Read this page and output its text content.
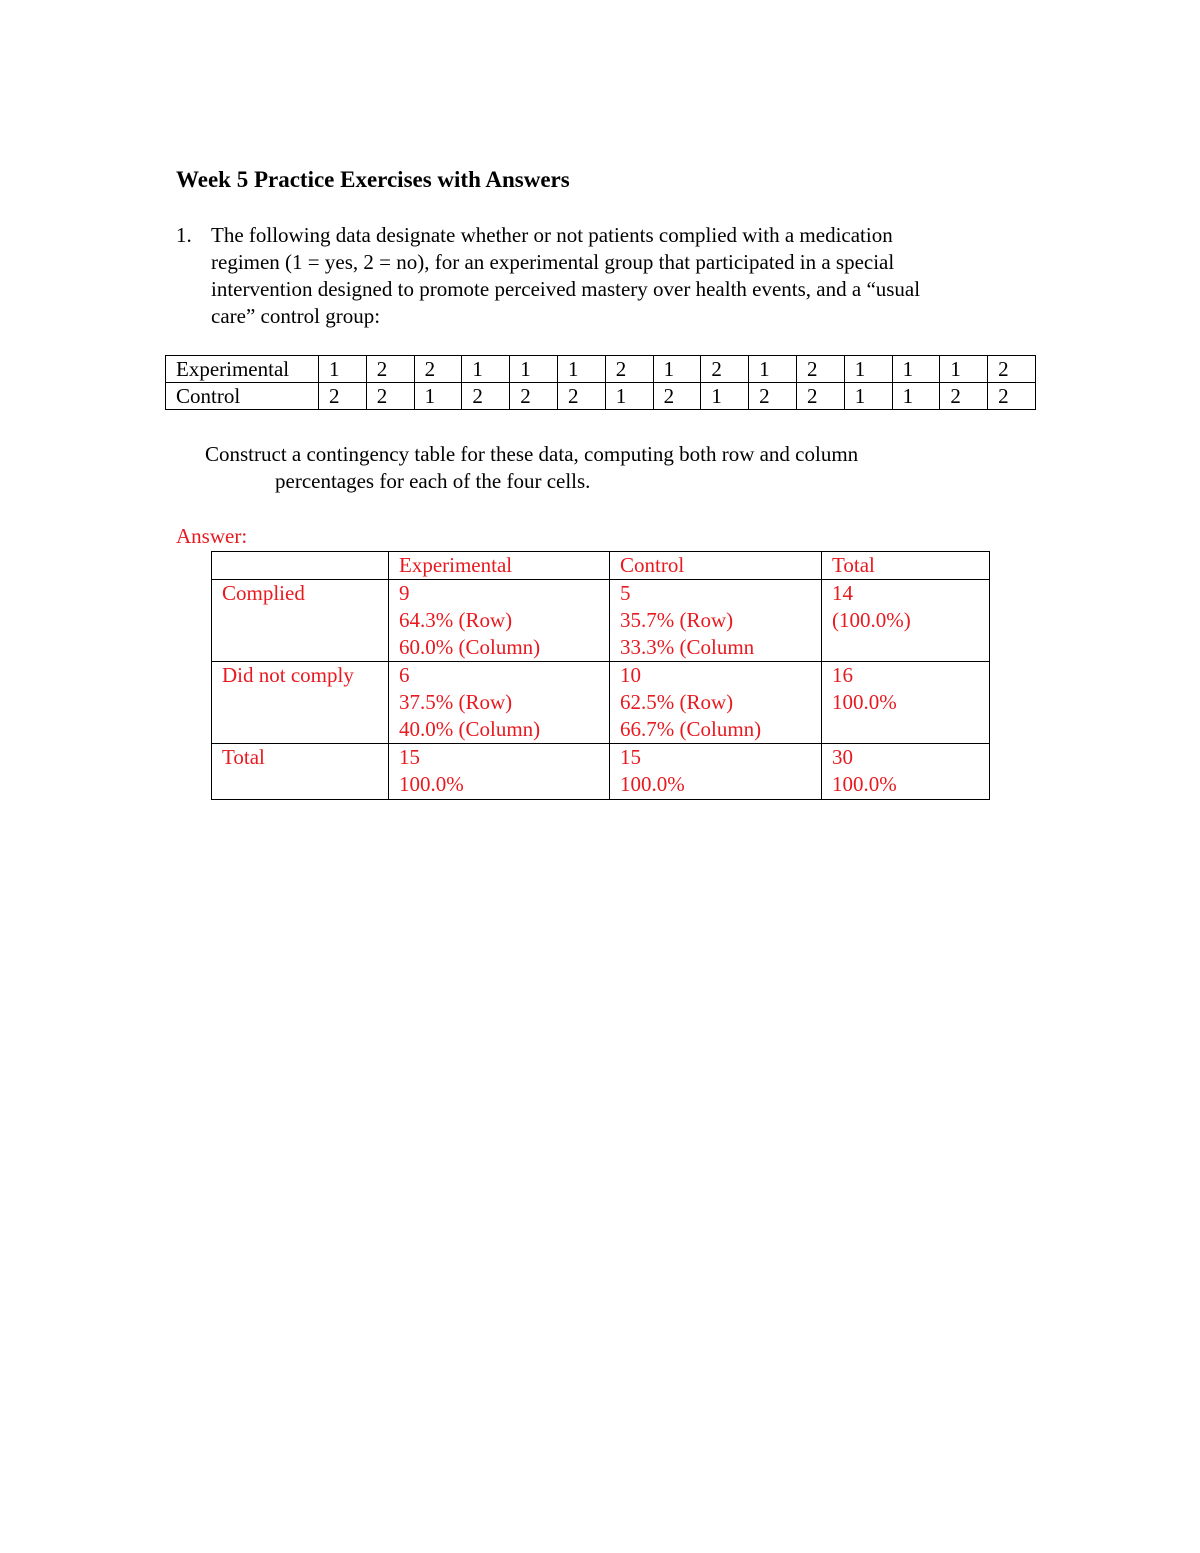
Week 5 Practice Exercises with Answers
1. The following data designate whether or not patients complied with a medication
regimen (1 = yes, 2 = no), for an experimental group that participated in a special
intervention designed to promote perceived mastery over health events, and a “usual
care” control group:
Experimental	1	2	2	1	1	1	2	1	2	1	2	1	1	1	2
Control	2	2	1	2	2	2	1	2	1	2	2	1	1	2	2
Construct a contingency table for these data, computing both row and column
percentages for each of the four cells.
Answer:
	Experimental	Control	Total
Complied	9
64.3% (Row)
60.0% (Column)	5
35.7% (Row)
33.3% (Column	14
(100.0%)

Did not comply	6
37.5% (Row)
40.0% (Column)	10
62.5% (Row)
66.7% (Column)	16
100.0%

Total	15
100.0%	15
100.0%	30
100.0%
